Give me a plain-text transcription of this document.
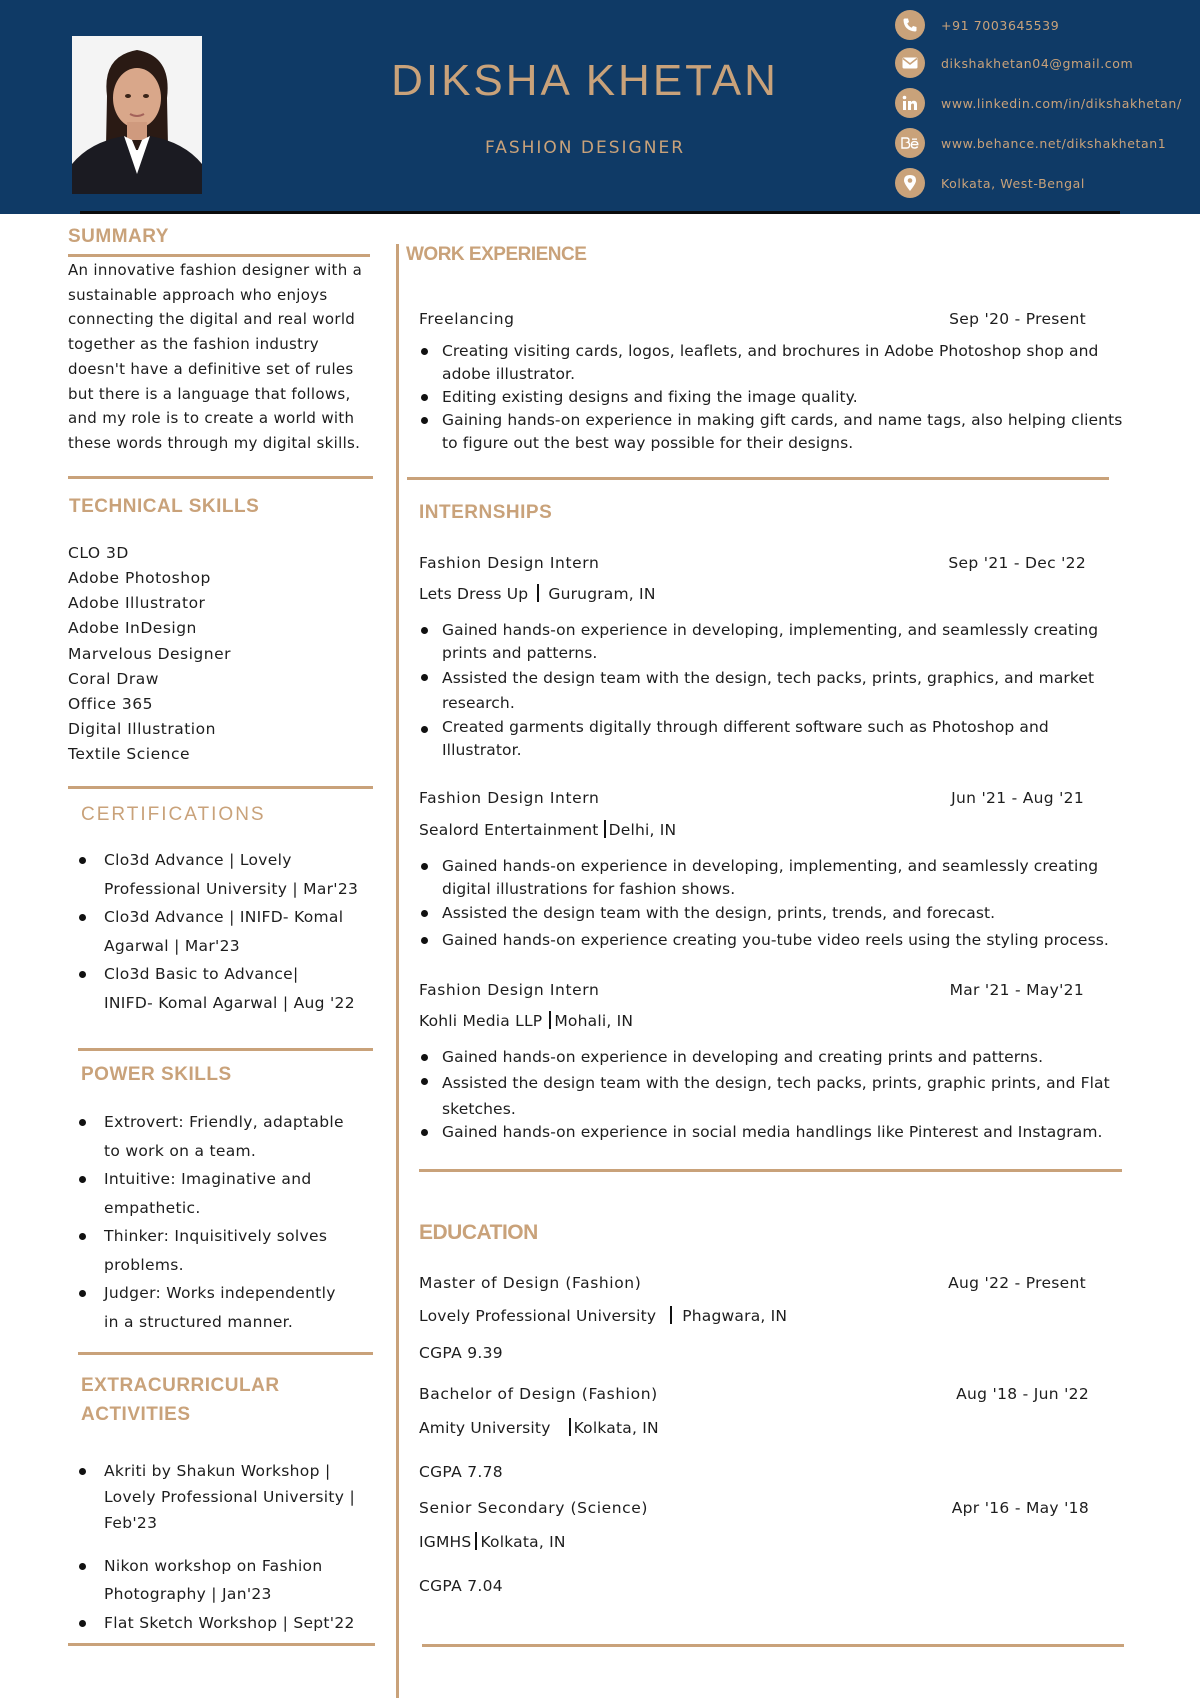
DIKSHA KHETAN
FASHION DESIGNER
+91 7003645539
dikshakhetan04@gmail.com
www.linkedin.com/in/dikshakhetan/
www.behance.net/dikshakhetan1
Kolkata, West-Bengal
SUMMARY
An innovative fashion designer with a sustainable approach who enjoys connecting the digital and real world together as the fashion industry doesn't have a definitive set of rules but there is a language that follows, and my role is to create a world with these words through my digital skills.
TECHNICAL SKILLS
CLO 3D
Adobe Photoshop
Adobe Illustrator
Adobe InDesign
Marvelous Designer
Coral Draw
Office 365
Digital Illustration
Textile Science
CERTIFICATIONS
Clo3d Advance | Lovely
Professional University | Mar'23
Clo3d Advance | INIFD- Komal
Agarwal | Mar'23
Clo3d Basic to Advance|
INIFD- Komal Agarwal | Aug '22
POWER SKILLS
Extrovert: Friendly, adaptable
to work on a team.
Intuitive: Imaginative and
empathetic.
Thinker: Inquisitively solves
problems.
Judger: Works independently
in a structured manner.
EXTRACURRICULAR
ACTIVITIES
Akriti by Shakun Workshop |
Lovely Professional University |
Feb'23
Nikon workshop on Fashion
Photography | Jan'23
Flat Sketch Workshop | Sept'22
WORK EXPERIENCE
Freelancing	Sep '20 - Present
Creating visiting cards, logos, leaflets, and brochures in Adobe Photoshop shop and
adobe illustrator.
Editing existing designs and fixing the image quality.
Gaining hands-on experience in making gift cards, and name tags, also helping clients
to figure out the best way possible for their designs.
INTERNSHIPS
Fashion Design Intern	Sep '21 - Dec '22
Lets Dress Up Gurugram, IN
Gained hands-on experience in developing, implementing, and seamlessly creating
prints and patterns.
Assisted the design team with the design, tech packs, prints, graphics, and market
research.
Created garments digitally through different software such as Photoshop and
Illustrator.
Fashion Design Intern	Jun '21 - Aug '21
Sealord Entertainment Delhi, IN
Gained hands-on experience in developing, implementing, and seamlessly creating
digital illustrations for fashion shows.
Assisted the design team with the design, prints, trends, and forecast.
Gained hands-on experience creating you-tube video reels using the styling process.
Fashion Design Intern	Mar '21 - May'21
Kohli Media LLP Mohali, IN
Gained hands-on experience in developing and creating prints and patterns.
Assisted the design team with the design, tech packs, prints, graphic prints, and Flat
sketches.
Gained hands-on experience in social media handlings like Pinterest and Instagram.
EDUCATION
Master of Design (Fashion)	Aug '22 - Present
Lovely Professional University Phagwara, IN
CGPA 9.39
Bachelor of Design (Fashion)	Aug '18 - Jun '22
Amity University Kolkata, IN
CGPA 7.78
Senior Secondary (Science)	Apr '16 - May '18
IGMHS Kolkata, IN
CGPA 7.04
